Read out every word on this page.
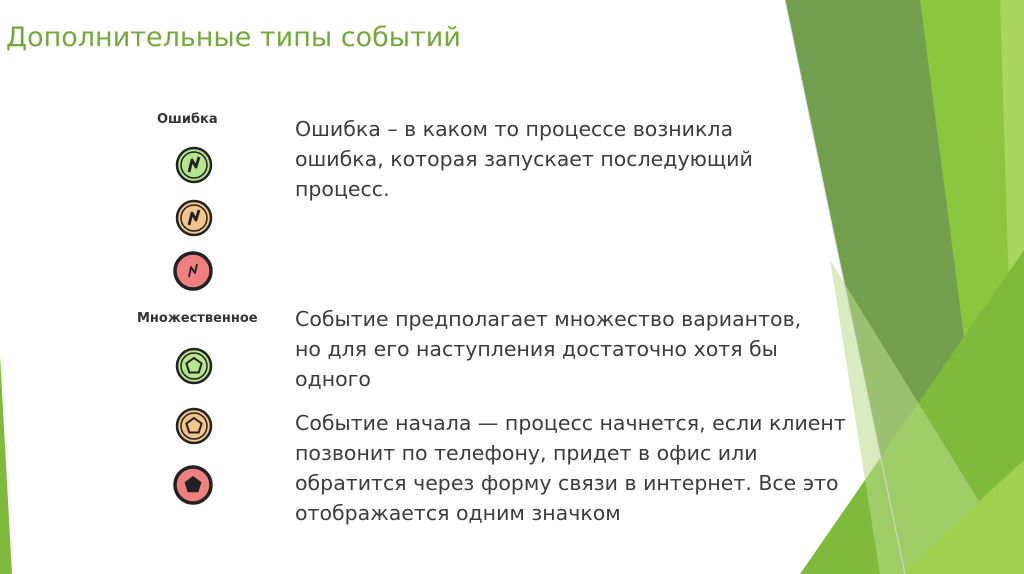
Дополнительные типы событий
Ошибка	Ошибка – в каком то процессе возникла ошибка, которая запускает последующий процесс.

Множественное	Событие предполагает множество вариантов, но для его наступления достаточно хотя бы одного

Событие начала — процесс начнется, если клиент позвонит по телефону, придет в офис или обратится через форму связи в интернет. Все это отображается одним значком
